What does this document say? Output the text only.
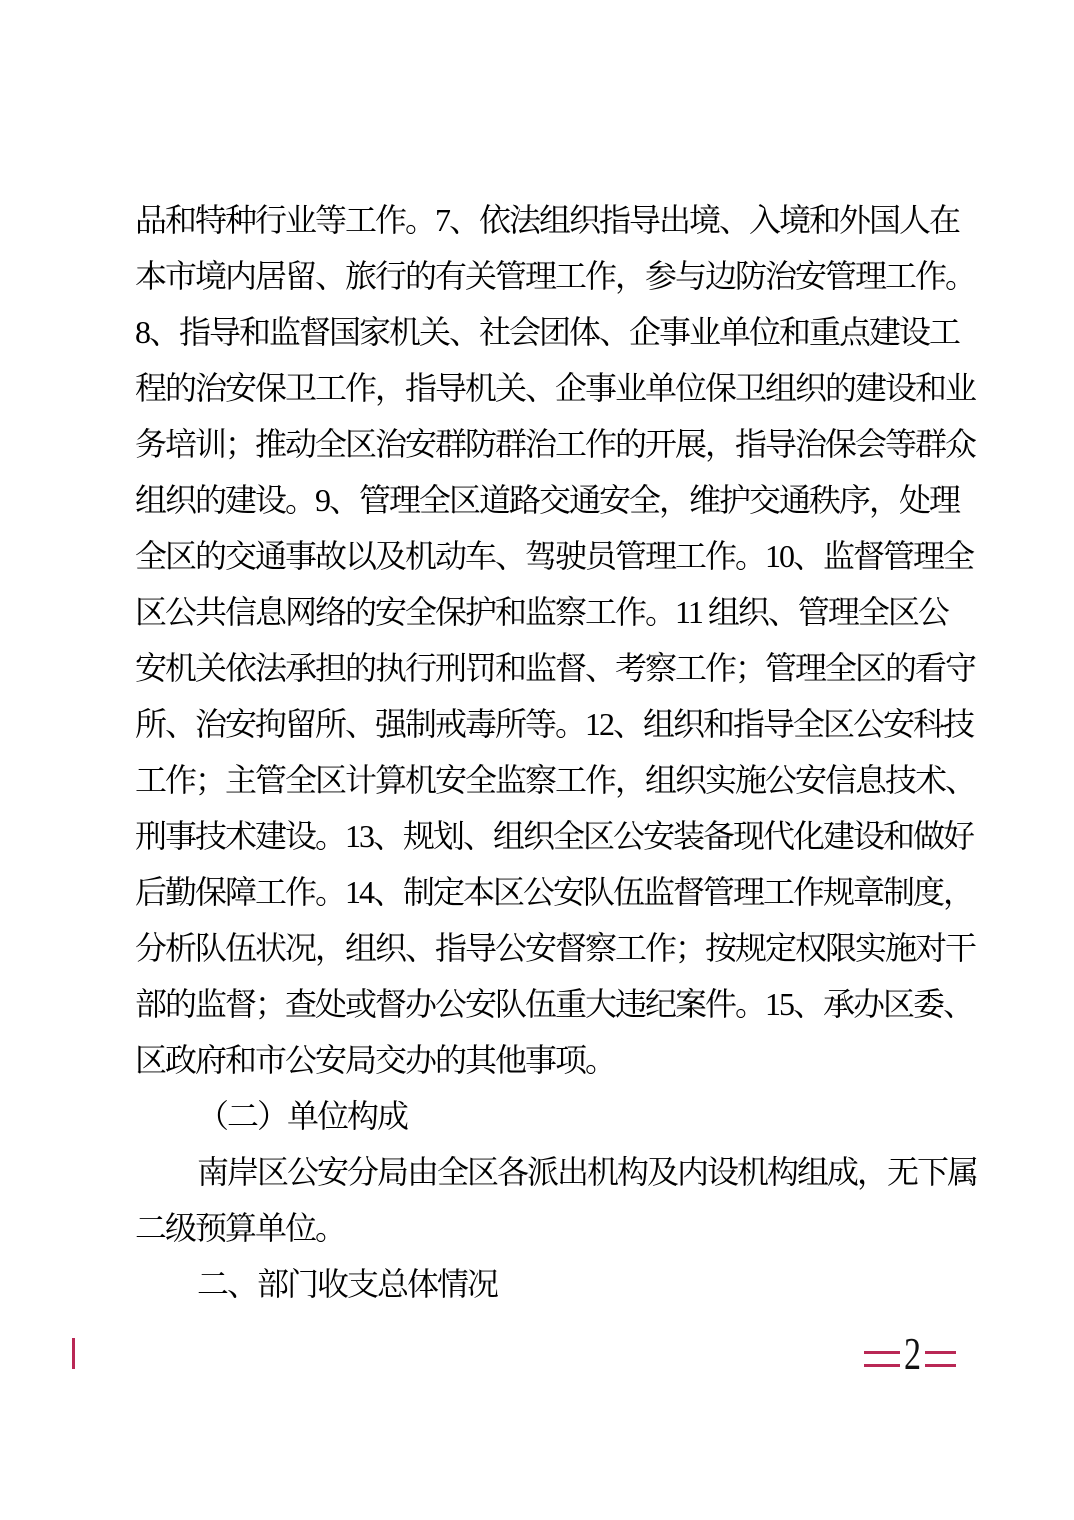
品和特种行业等工作。7、依法组织指导出境、入境和外国人在
本市境内居留、旅行的有关管理工作，参与边防治安管理工作。
8、指导和监督国家机关、社会团体、企事业单位和重点建设工
程的治安保卫工作，指导机关、企事业单位保卫组织的建设和业
务培训；推动全区治安群防群治工作的开展，指导治保会等群众
组织的建设。9、管理全区道路交通安全，维护交通秩序，处理
全区的交通事故以及机动车、驾驶员管理工作。10、监督管理全
区公共信息网络的安全保护和监察工作。11 组织、管理全区公
安机关依法承担的执行刑罚和监督、考察工作；管理全区的看守
所、治安拘留所、强制戒毒所等。12、组织和指导全区公安科技
工作；主管全区计算机安全监察工作，组织实施公安信息技术、
刑事技术建设。13、规划、组织全区公安装备现代化建设和做好
后勤保障工作。14、制定本区公安队伍监督管理工作规章制度，
分析队伍状况，组织、指导公安督察工作；按规定权限实施对干
部的监督；查处或督办公安队伍重大违纪案件。15、承办区委、
区政府和市公安局交办的其他事项。
（二）单位构成
南岸区公安分局由全区各派出机构及内设机构组成，无下属
二级预算单位。
二、部门收支总体情况
2
